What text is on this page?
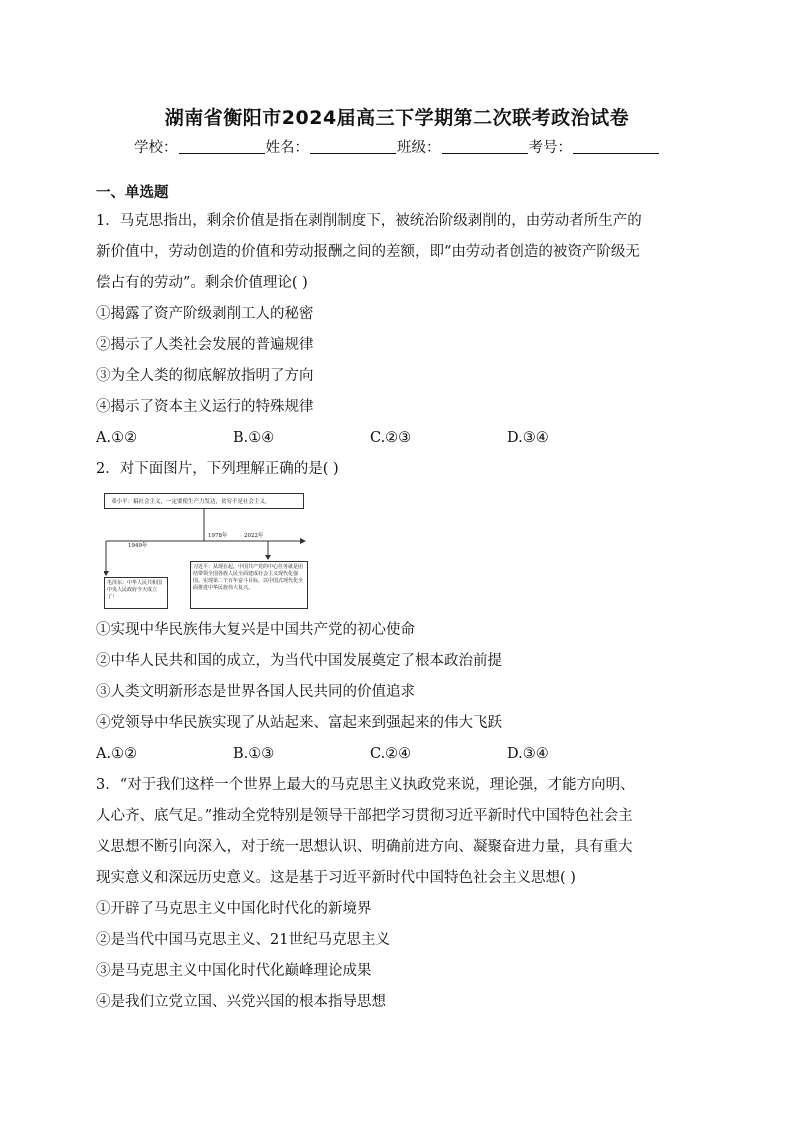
湖南省衡阳市2024届高三下学期第二次联考政治试卷
学校：	姓名：	班级：	考号：
一、单选题

1．马克思指出，剩余价值是指在剥削制度下，被统治阶级剥削的，由劳动者所生产的

新价值中，劳动创造的价值和劳动报酬之间的差额，即“由劳动者创造的被资产阶级无

偿占有的劳动”。剩余价值理论( )

①揭露了资产阶级剥削工人的秘密

②揭示了人类社会发展的普遍规律

③为全人类的彻底解放指明了方向

④揭示了资本主义运行的特殊规律

A.①②	B.①④	C.②③	D.③④

2．对下面图片，下列理解正确的是( )

邓小平：搞社会主义，一定要使生产力发达，贫穷不是社会主义。
1949年
1978年	2022年
毛泽东：中华人民共和国中央人民政府今天成立了！
习近平：从现在起，中国共产党的中心任务就是团结带领全国各族人民全面建成社会主义现代化强国、实现第二个百年奋斗目标，以中国式现代化全面推进中华民族伟大复兴。

①实现中华民族伟大复兴是中国共产党的初心使命

②中华人民共和国的成立，为当代中国发展奠定了根本政治前提

③人类文明新形态是世界各国人民共同的价值追求

④党领导中华民族实现了从站起来、富起来到强起来的伟大飞跃

A.①②	B.①③	C.②④	D.③④

3．“对于我们这样一个世界上最大的马克思主义执政党来说，理论强，才能方向明、

人心齐、底气足。”推动全党特别是领导干部把学习贯彻习近平新时代中国特色社会主

义思想不断引向深入，对于统一思想认识、明确前进方向、凝聚奋进力量，具有重大

现实意义和深远历史意义。这是基于习近平新时代中国特色社会主义思想( )

①开辟了马克思主义中国化时代化的新境界

②是当代中国马克思主义、21世纪马克思主义

③是马克思主义中国化时代化巅峰理论成果

④是我们立党立国、兴党兴国的根本指导思想
